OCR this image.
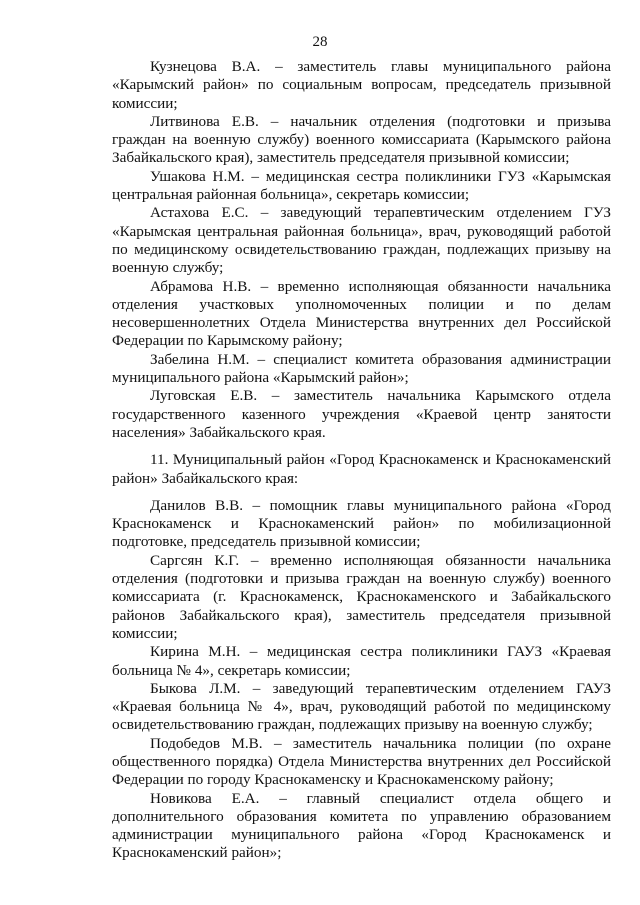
28

Кузнецова В.А. – заместитель главы муниципального района «Карымский район» по социальным вопросам, председатель призывной комиссии;

Литвинова Е.В. – начальник отделения (подготовки и призыва граждан на военную службу) военного комиссариата (Карымского района Забайкальского края), заместитель председателя призывной комиссии;

Ушакова Н.М. – медицинская сестра поликлиники ГУЗ «Карымская центральная районная больница», секретарь комиссии;

Астахова Е.С. – заведующий терапевтическим отделением ГУЗ «Карымская центральная районная больница», врач, руководящий работой по медицинскому освидетельствованию граждан, подлежащих призыву на военную службу;

Абрамова Н.В. – временно исполняющая обязанности начальника отделения участковых уполномоченных полиции и по делам несовершеннолетних Отдела Министерства внутренних дел Российской Федерации по Карымскому району;

Забелина Н.М. – специалист комитета образования администрации муниципального района «Карымский район»;

Луговская Е.В. – заместитель начальника Карымского отдела государственного казенного учреждения «Краевой центр занятости населения» Забайкальского края.

11. Муниципальный район «Город Краснокаменск и Краснокаменский район» Забайкальского края:

Данилов В.В. – помощник главы муниципального района «Город Краснокаменск и Краснокаменский район» по мобилизационной подготовке, председатель призывной комиссии;

Саргсян К.Г. – временно исполняющая обязанности начальника отделения (подготовки и призыва граждан на военную службу) военного комиссариата (г. Краснокаменск, Краснокаменского и Забайкальского районов Забайкальского края), заместитель председателя призывной комиссии;

Кирина М.Н. – медицинская сестра поликлиники ГАУЗ «Краевая больница № 4», секретарь комиссии;

Быкова Л.М. – заведующий терапевтическим отделением ГАУЗ «Краевая больница № 4», врач, руководящий работой по медицинскому освидетельствованию граждан, подлежащих призыву на военную службу;

Подобедов М.В. – заместитель начальника полиции (по охране общественного порядка) Отдела Министерства внутренних дел Российской Федерации по городу Краснокаменску и Краснокаменскому району;

Новикова Е.А. – главный специалист отдела общего и дополнительного образования комитета по управлению образованием администрации муниципального района «Город Краснокаменск и Краснокаменский район»;
